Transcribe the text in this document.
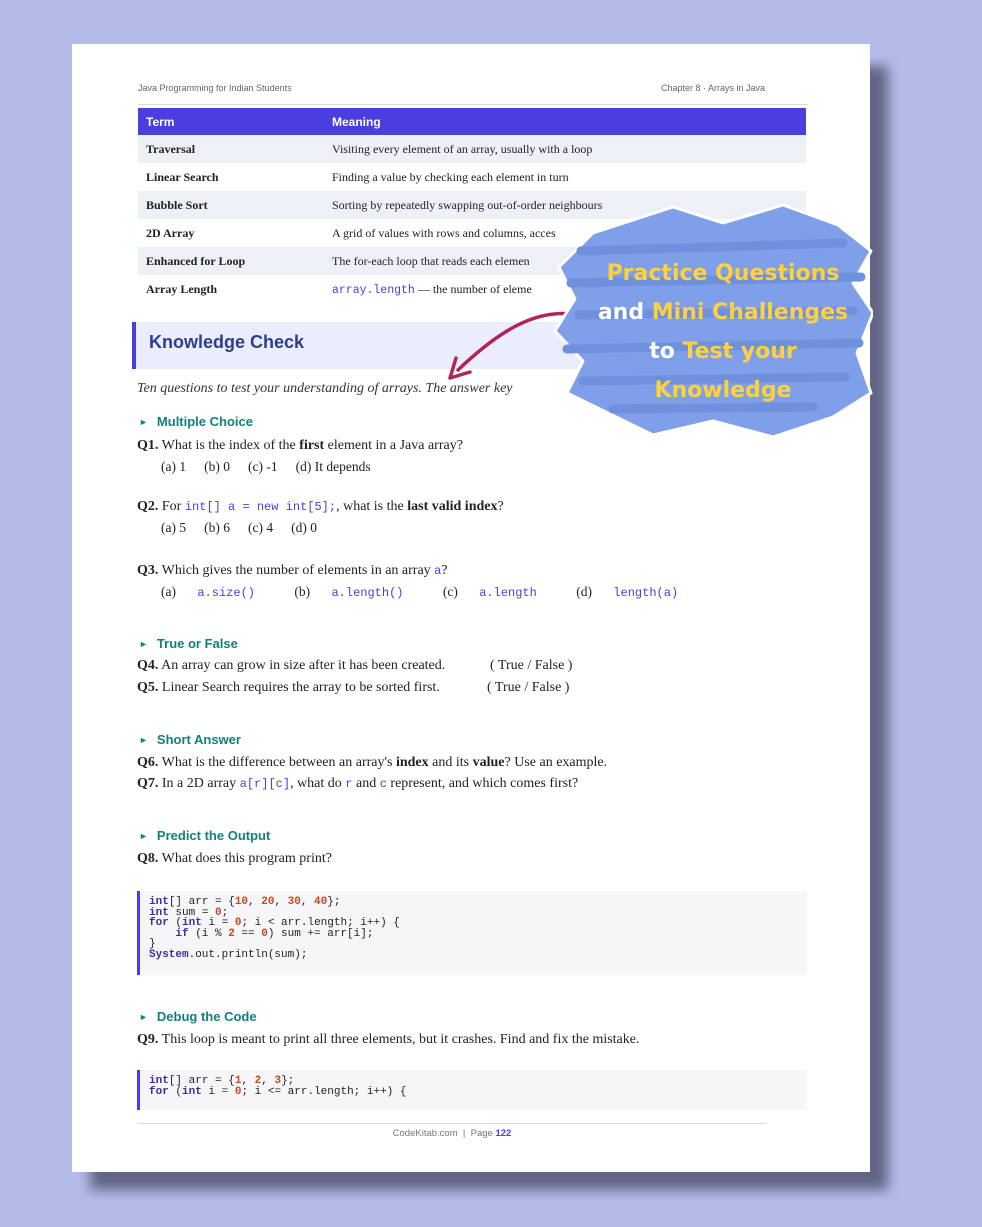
Java Programming for Indian Students	Chapter 8 · Arrays in Java
Term	Meaning
Traversal	Visiting every element of an array, usually with a loop
Linear Search	Finding a value by checking each element in turn
Bubble Sort	Sorting by repeatedly swapping out-of-order neighbours
2D Array	A grid of values with rows and columns, acces
Enhanced for Loop	The for-each loop that reads each elemen
Array Length	array.length — the number of eleme
Knowledge Check
Ten questions to test your understanding of arrays. The answer key
► Multiple Choice
Q1. What is the index of the first element in a Java array?
(a) 1 (b) 0 (c) -1 (d) It depends
Q2. For int[] a = new int[5];, what is the last valid index?
(a) 5 (b) 6 (c) 4 (d) 0
Q3. Which gives the number of elements in an array a?
(a) a.size()	(b) a.length()	(c) a.length	(d) length(a)
► True or False
Q4. An array can grow in size after it has been created.	( True / False )
Q5. Linear Search requires the array to be sorted first.	( True / False )
► Short Answer
Q6. What is the difference between an array's index and its value? Use an example.
Q7. In a 2D array a[r][c], what do r and c represent, and which comes first?
► Predict the Output
Q8. What does this program print?
int[] arr = {10, 20, 30, 40};
int sum = 0;
for (int i = 0; i < arr.length; i++) {
if (i % 2 == 0) sum += arr[i];
}
System.out.println(sum);
► Debug the Code
Q9. This loop is meant to print all three elements, but it crashes. Find and fix the mistake.
int[] arr = {1, 2, 3};
for (int i = 0; i <= arr.length; i++) {
CodeKitab.com | Page 122
Practice Questions
and Mini Challenges
to Test your
Knowledge
